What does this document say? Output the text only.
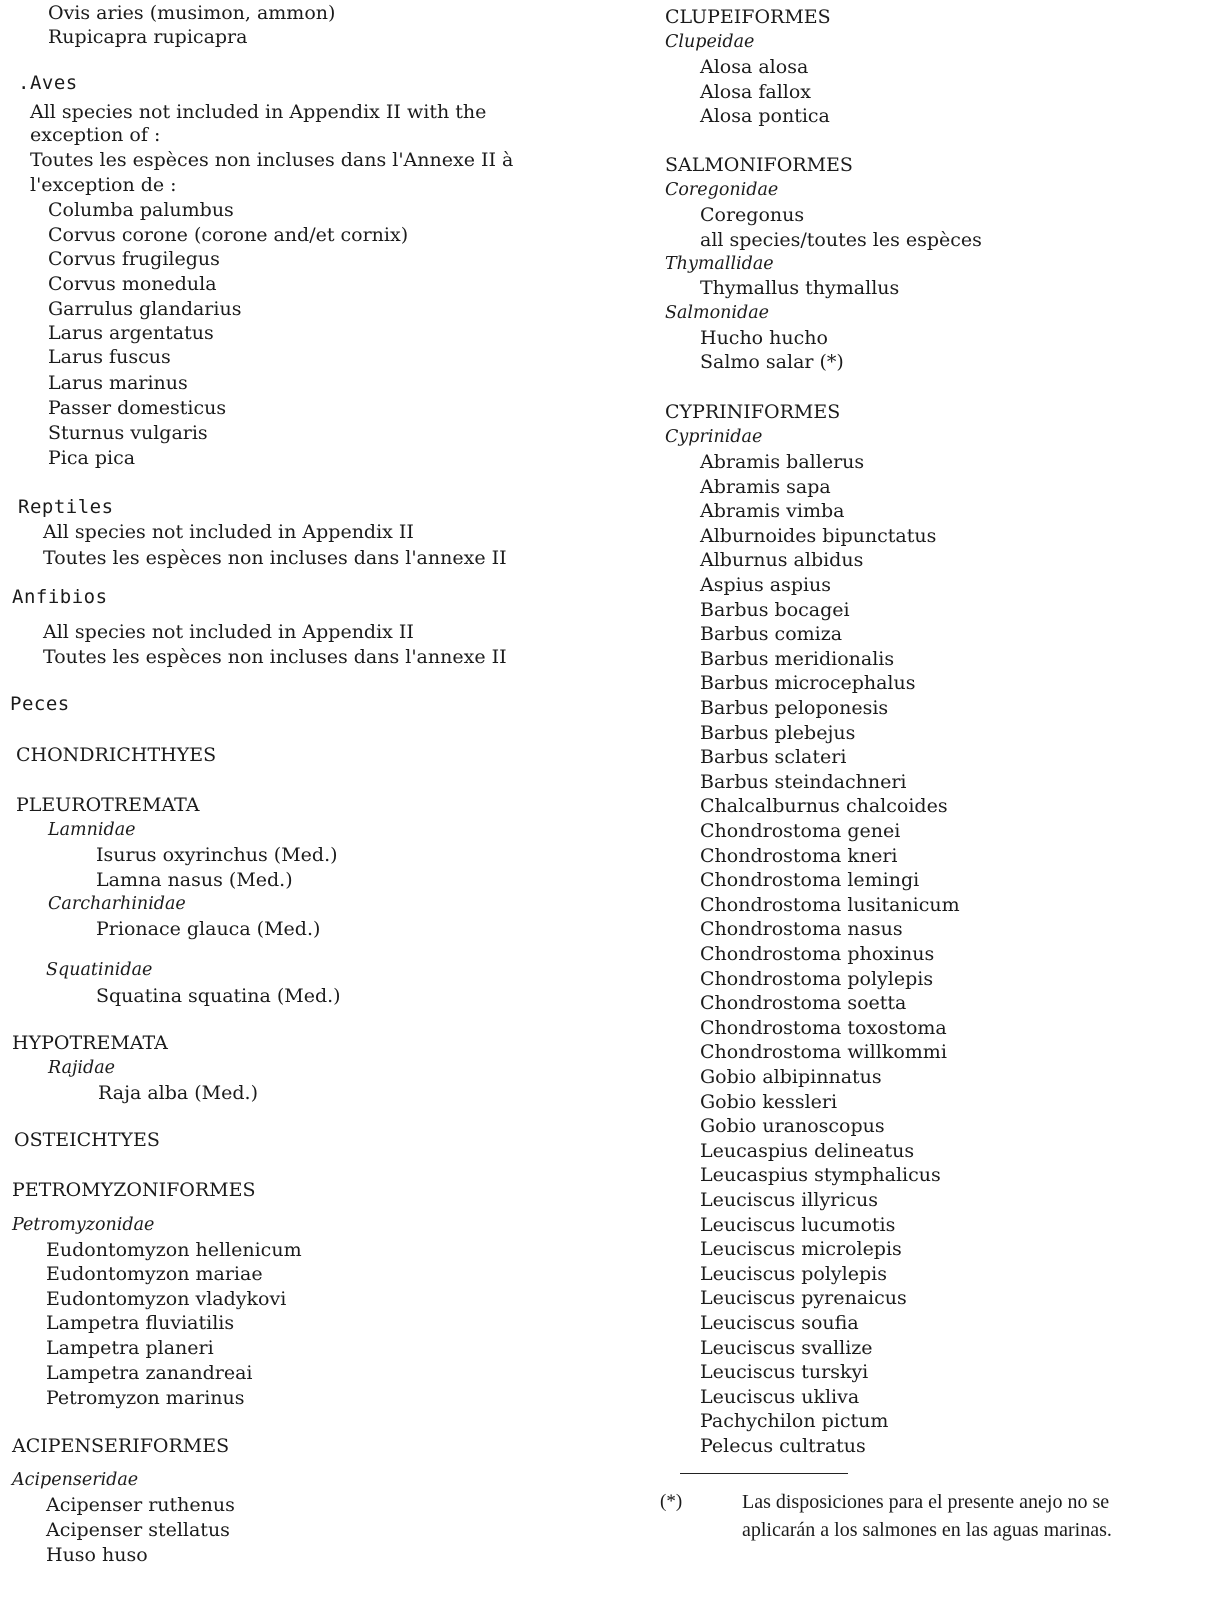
Ovis aries (musimon, ammon)
Rupicapra rupicapra
.Aves
All species not included in Appendix II with the
exception of :
Toutes les espèces non incluses dans l'Annexe II à
l'exception de :
Columba palumbus
Corvus corone (corone and/et cornix)
Corvus frugilegus
Corvus monedula
Garrulus glandarius
Larus argentatus
Larus fuscus
Larus marinus
Passer domesticus
Sturnus vulgaris
Pica pica
Reptiles
All species not included in Appendix II
Toutes les espèces non incluses dans l'annexe II
Anfibios
All species not included in Appendix II
Toutes les espèces non incluses dans l'annexe II
Peces
CHONDRICHTHYES
PLEUROTREMATA
Lamnidae
Isurus oxyrinchus (Med.)
Lamna nasus (Med.)
Carcharhinidae
Prionace glauca (Med.)
Squatinidae
Squatina squatina (Med.)
HYPOTREMATA
Rajidae
Raja alba (Med.)
OSTEICHTYES
PETROMYZONIFORMES
Petromyzonidae
Eudontomyzon hellenicum
Eudontomyzon mariae
Eudontomyzon vladykovi
Lampetra fluviatilis
Lampetra planeri
Lampetra zanandreai
Petromyzon marinus
ACIPENSERIFORMES
Acipenseridae
Acipenser ruthenus
Acipenser stellatus
Huso huso
CLUPEIFORMES
Clupeidae
Alosa alosa
Alosa fallox
Alosa pontica
SALMONIFORMES
Coregonidae
Coregonus
all species/toutes les espèces
Thymallidae
Thymallus thymallus
Salmonidae
Hucho hucho
Salmo salar (*)
CYPRINIFORMES
Cyprinidae
Abramis ballerus
Abramis sapa
Abramis vimba
Alburnoides bipunctatus
Alburnus albidus
Aspius aspius
Barbus bocagei
Barbus comiza
Barbus meridionalis
Barbus microcephalus
Barbus peloponesis
Barbus plebejus
Barbus sclateri
Barbus steindachneri
Chalcalburnus chalcoides
Chondrostoma genei
Chondrostoma kneri
Chondrostoma lemingi
Chondrostoma lusitanicum
Chondrostoma nasus
Chondrostoma phoxinus
Chondrostoma polylepis
Chondrostoma soetta
Chondrostoma toxostoma
Chondrostoma willkommi
Gobio albipinnatus
Gobio kessleri
Gobio uranoscopus
Leucaspius delineatus
Leucaspius stymphalicus
Leuciscus illyricus
Leuciscus lucumotis
Leuciscus microlepis
Leuciscus polylepis
Leuciscus pyrenaicus
Leuciscus soufia
Leuciscus svallize
Leuciscus turskyi
Leuciscus ukliva
Pachychilon pictum
Pelecus cultratus
(*)	Las disposiciones para el presente anejo no se aplicarán a los salmones en las aguas marinas.
